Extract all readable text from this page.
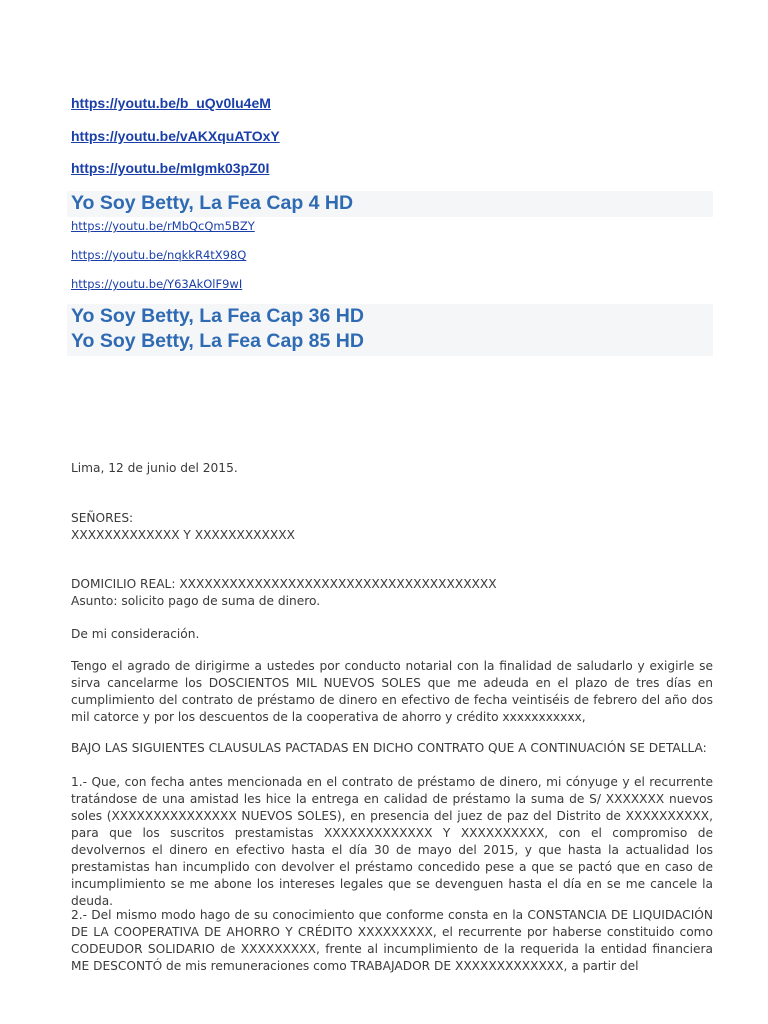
https://youtu.be/b_uQv0lu4eM
https://youtu.be/vAKXquATOxY
https://youtu.be/mIgmk03pZ0I
Yo Soy Betty, La Fea Cap 4 HD
https://youtu.be/rMbQcQm5BZY
https://youtu.be/nqkkR4tX98Q
https://youtu.be/Y63AkOlF9wI
Yo Soy Betty, La Fea Cap 36 HD
Yo Soy Betty, La Fea Cap 85 HD
Lima, 12 de junio del 2015.
SEÑORES:
XXXXXXXXXXXXX Y XXXXXXXXXXXX
DOMICILIO REAL: XXXXXXXXXXXXXXXXXXXXXXXXXXXXXXXXXXXXXX
Asunto: solicito pago de suma de dinero.
De mi consideración.

Tengo el agrado de dirigirme a ustedes por conducto notarial con la finalidad de saludarlo y exigirle se sirva cancelarme los DOSCIENTOS MIL NUEVOS SOLES que me adeuda en el plazo de tres días en cumplimiento del contrato de préstamo de dinero en efectivo de fecha veintiséis de febrero del año dos mil catorce y por los descuentos de la cooperativa de ahorro y crédito xxxxxxxxxxx,

BAJO LAS SIGUIENTES CLAUSULAS PACTADAS EN DICHO CONTRATO QUE A CONTINUACIÓN SE DETALLA:

1.- Que, con fecha antes mencionada en el contrato de préstamo de dinero, mi cónyuge y el recurrente tratándose de una amistad les hice la entrega en calidad de préstamo la suma de S/ XXXXXXX nuevos soles (XXXXXXXXXXXXXXX NUEVOS SOLES), en presencia del juez de paz del Distrito de XXXXXXXXXX, para que los suscritos prestamistas XXXXXXXXXXXXX Y XXXXXXXXXX, con el compromiso de devolvernos el dinero en efectivo hasta el día 30 de mayo del 2015, y que hasta la actualidad los prestamistas han incumplido con devolver el préstamo concedido pese a que se pactó que en caso de incumplimiento se me abone los intereses legales que se devenguen hasta el día en se me cancele la deuda.

2.- Del mismo modo hago de su conocimiento que conforme consta en la CONSTANCIA DE LIQUIDACIÓN DE LA COOPERATIVA DE AHORRO Y CRÉDITO XXXXXXXXX, el recurrente por haberse constituido como CODEUDOR SOLIDARIO de XXXXXXXXX, frente al incumplimiento de la requerida la entidad financiera ME DESCONTÓ de mis remuneraciones como TRABAJADOR DE XXXXXXXXXXXXX, a partir del
